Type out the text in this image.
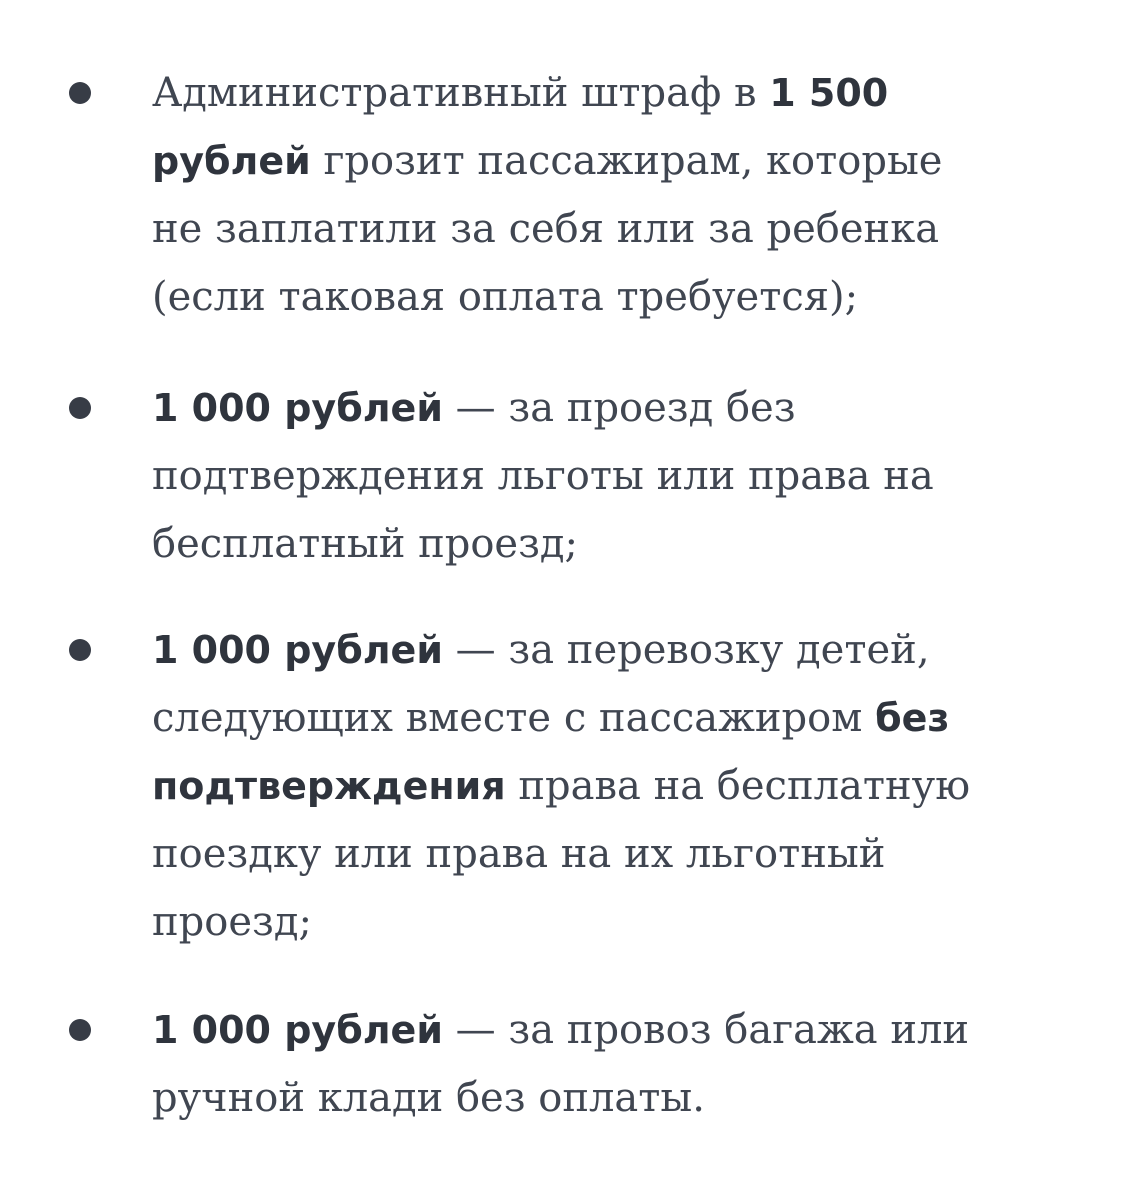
Административный штраф в 1 500
рублей грозит пассажирам, которые
не заплатили за себя или за ребенка
(если таковая оплата требуется);
1 000 рублей — за проезд без
подтверждения льготы или права на
бесплатный проезд;
1 000 рублей — за перевозку детей,
следующих вместе с пассажиром без
подтверждения права на бесплатную
поездку или права на их льготный
проезд;
1 000 рублей — за провоз багажа или
ручной клади без оплаты.
